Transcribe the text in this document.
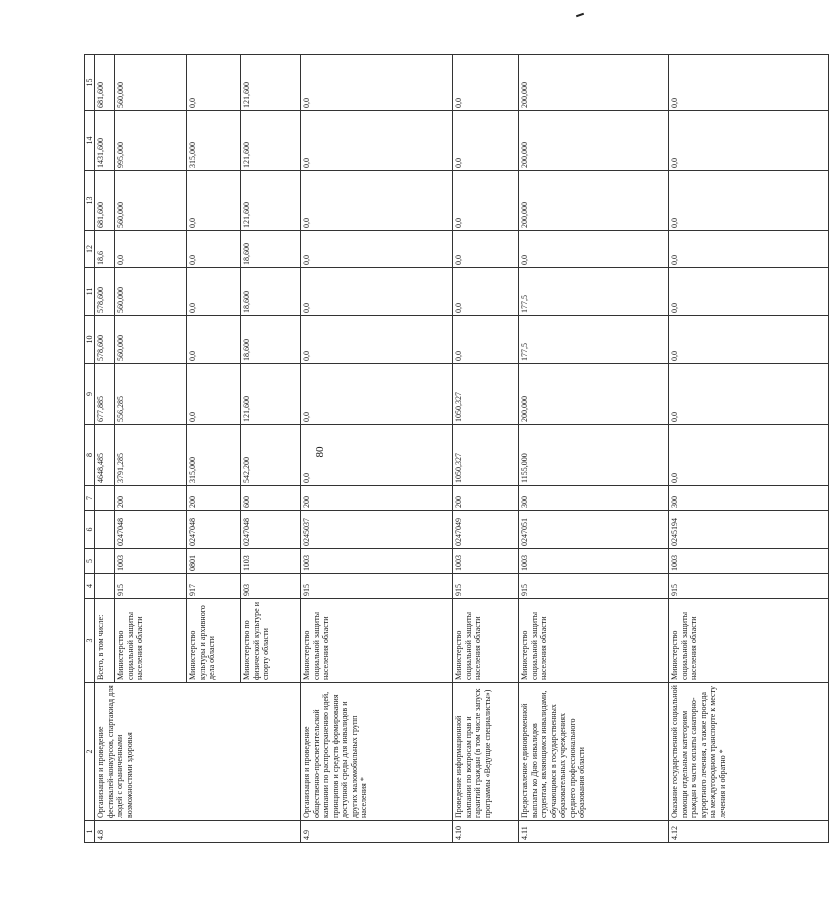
80
1	2	3	4	5	6	7	8	9	10	11	12	13	14	15
4.8	Организация и проведение фестивалей-конкурсов, спартакиад для людей с ограниченными возможностями здоровья	Всего, в том числе:					4648,485	677,885	578,600	578,600	18,6	681,600	1431,600	681,600
		Министерство социальной защиты населения области	915	1003	0247048	200	3791,285	556,285	560,000	560,000	0,0	560,000	995,000	560,000
		Министерство культуры и архивного дела области	917	0801	0247048	200	315,000	0,0	0,0	0,0	0,0	0,0	315,000	0,0
		Министерство по физической культуре и спорту области	903	1103	0247048	600	542,200	121,600	18,600	18,600	18,600	121,600	121,600	121,600
4.9	Организация и проведение общественно-просветительской кампании по распространению идей, принципов и средств формирования доступной среды для инвалидов и других маломобильных групп населения *	Министерство социальной защиты населения области	915	1003	0245037	200	0,0	0,0	0,0	0,0	0,0	0,0	0,0	0,0
4.10	Проведение информационной кампании по вопросам прав и гарантий граждан (в том числе запуск программы «Ведущие специалисты»)	Министерство социальной защиты населения области	915	1003	0247049	200	1050,327	1050,327	0,0	0,0	0,0	0,0	0,0	0,0
4.11	Предоставление единовременной выплаты ко Дню инвалидов студентам, являющимся инвалидами, обучающимся в государственных образовательных учреждениях среднего профессионального образования области	Министерство социальной защиты населения области	915	1003	0247051	300	1155,000	200,000	177,5	177,5	0,0	200,000	200,000	200,000
4.12	Оказание государственной социальной помощи отдельным категориям граждан в части оплаты санаторно-курортного лечения, а также проезда на междугородном транспорте к месту лечения и обратно *	Министерство социальной защиты населения области	915	1003	0245194	300	0,0	0,0	0,0	0,0	0,0	0,0	0,0	0,0
